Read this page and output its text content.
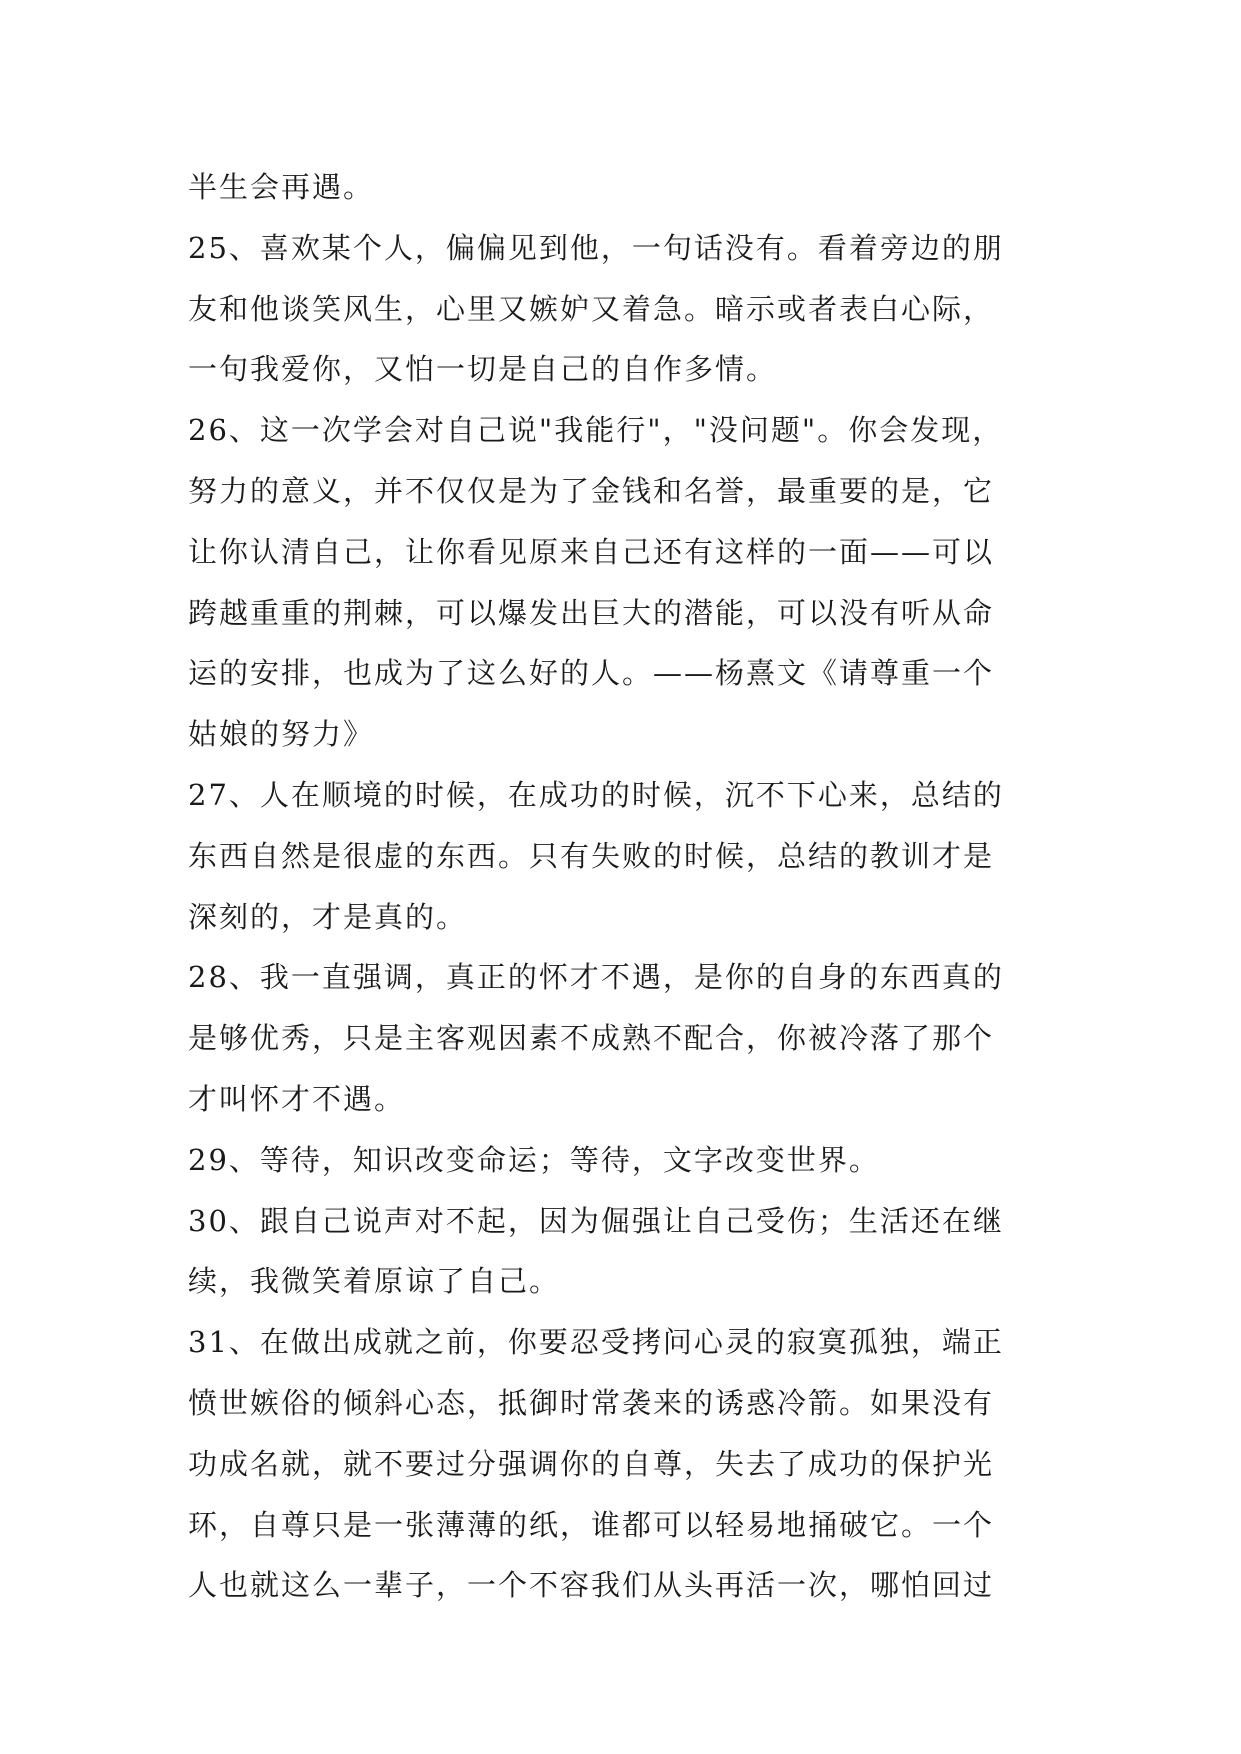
半生会再遇。
25、喜欢某个人，偏偏见到他，一句话没有。看着旁边的朋
友和他谈笑风生，心里又嫉妒又着急。暗示或者表白心际，
一句我爱你，又怕一切是自己的自作多情。
26、这一次学会对自己说"我能行"，"没问题"。你会发现，
努力的意义，并不仅仅是为了金钱和名誉，最重要的是，它
让你认清自己，让你看见原来自己还有这样的一面——可以
跨越重重的荆棘，可以爆发出巨大的潜能，可以没有听从命
运的安排，也成为了这么好的人。——杨熹文《请尊重一个
姑娘的努力》
27、人在顺境的时候，在成功的时候，沉不下心来，总结的
东西自然是很虚的东西。只有失败的时候，总结的教训才是
深刻的，才是真的。
28、我一直强调，真正的怀才不遇，是你的自身的东西真的
是够优秀，只是主客观因素不成熟不配合，你被冷落了那个
才叫怀才不遇。
29、等待，知识改变命运；等待，文字改变世界。
30、跟自己说声对不起，因为倔强让自己受伤；生活还在继
续，我微笑着原谅了自己。
31、在做出成就之前，你要忍受拷问心灵的寂寞孤独，端正
愤世嫉俗的倾斜心态，抵御时常袭来的诱惑冷箭。如果没有
功成名就，就不要过分强调你的自尊，失去了成功的保护光
环，自尊只是一张薄薄的纸，谁都可以轻易地捅破它。一个
人也就这么一辈子，一个不容我们从头再活一次，哪怕回过
